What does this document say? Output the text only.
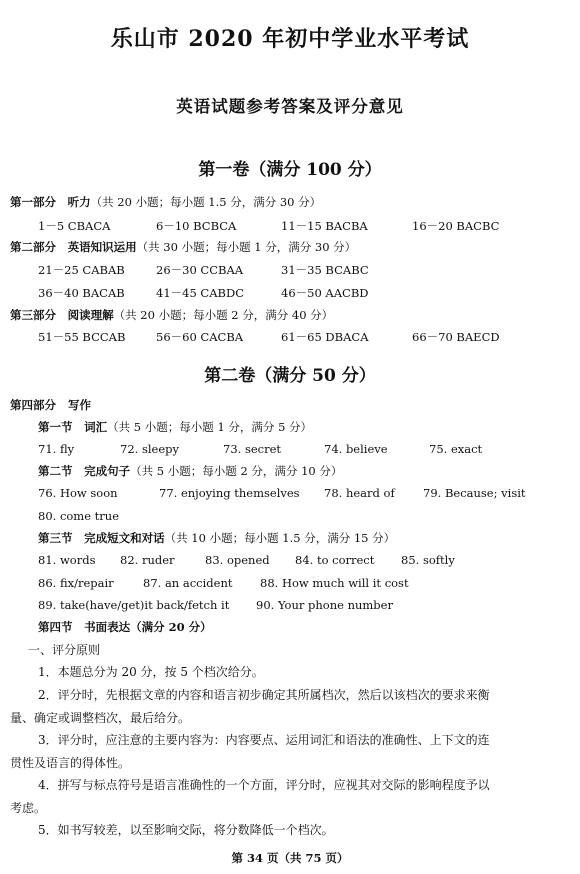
乐山市 2020 年初中学业水平考试
英语试题参考答案及评分意见
第一卷（满分 100 分）
第一部分 听力（共 20 小题；每小题 1.5 分，满分 30 分）
1－5 CBACA	6－10 BCBCA	11－15 BACBA	16－20 BACBC
第二部分 英语知识运用（共 30 小题；每小题 1 分，满分 30 分）
21－25 CABAB	26－30 CCBAA	31－35 BCABC
36－40 BACAB	41－45 CABDC	46－50 AACBD
第三部分 阅读理解（共 20 小题；每小题 2 分，满分 40 分）
51－55 BCCAB	56－60 CACBA	61－65 DBACA	66－70 BAECD
第二卷（满分 50 分）
第四部分 写作
第一节 词汇（共 5 小题；每小题 1 分，满分 5 分）
71. fly	72. sleepy	73. secret	74. believe	75. exact
第二节 完成句子（共 5 小题；每小题 2 分，满分 10 分）
76. How soon	77. enjoying themselves 78. heard of 79. Because; visit
80. come true
第三节 完成短文和对话（共 10 小题；每小题 1.5 分，满分 15 分）
81. words 82. ruder	83. opened 84. to correct 85. softly
86. fix/repair	87. an accident 88. How much will it cost
89. take(have/get)it back/fetch it 90. Your phone number
第四节 书面表达（满分 20 分）
一、评分原则
1．本题总分为 20 分，按 5 个档次给分。
2．评分时，先根据文章的内容和语言初步确定其所属档次，然后以该档次的要求来衡
量、确定或调整档次，最后给分。
3．评分时，应注意的主要内容为：内容要点、运用词汇和语法的准确性、上下文的连
贯性及语言的得体性。
4．拼写与标点符号是语言准确性的一个方面，评分时，应视其对交际的影响程度予以
考虑。
5．如书写较差，以至影响交际，将分数降低一个档次。
第 34 页（共 75 页）
